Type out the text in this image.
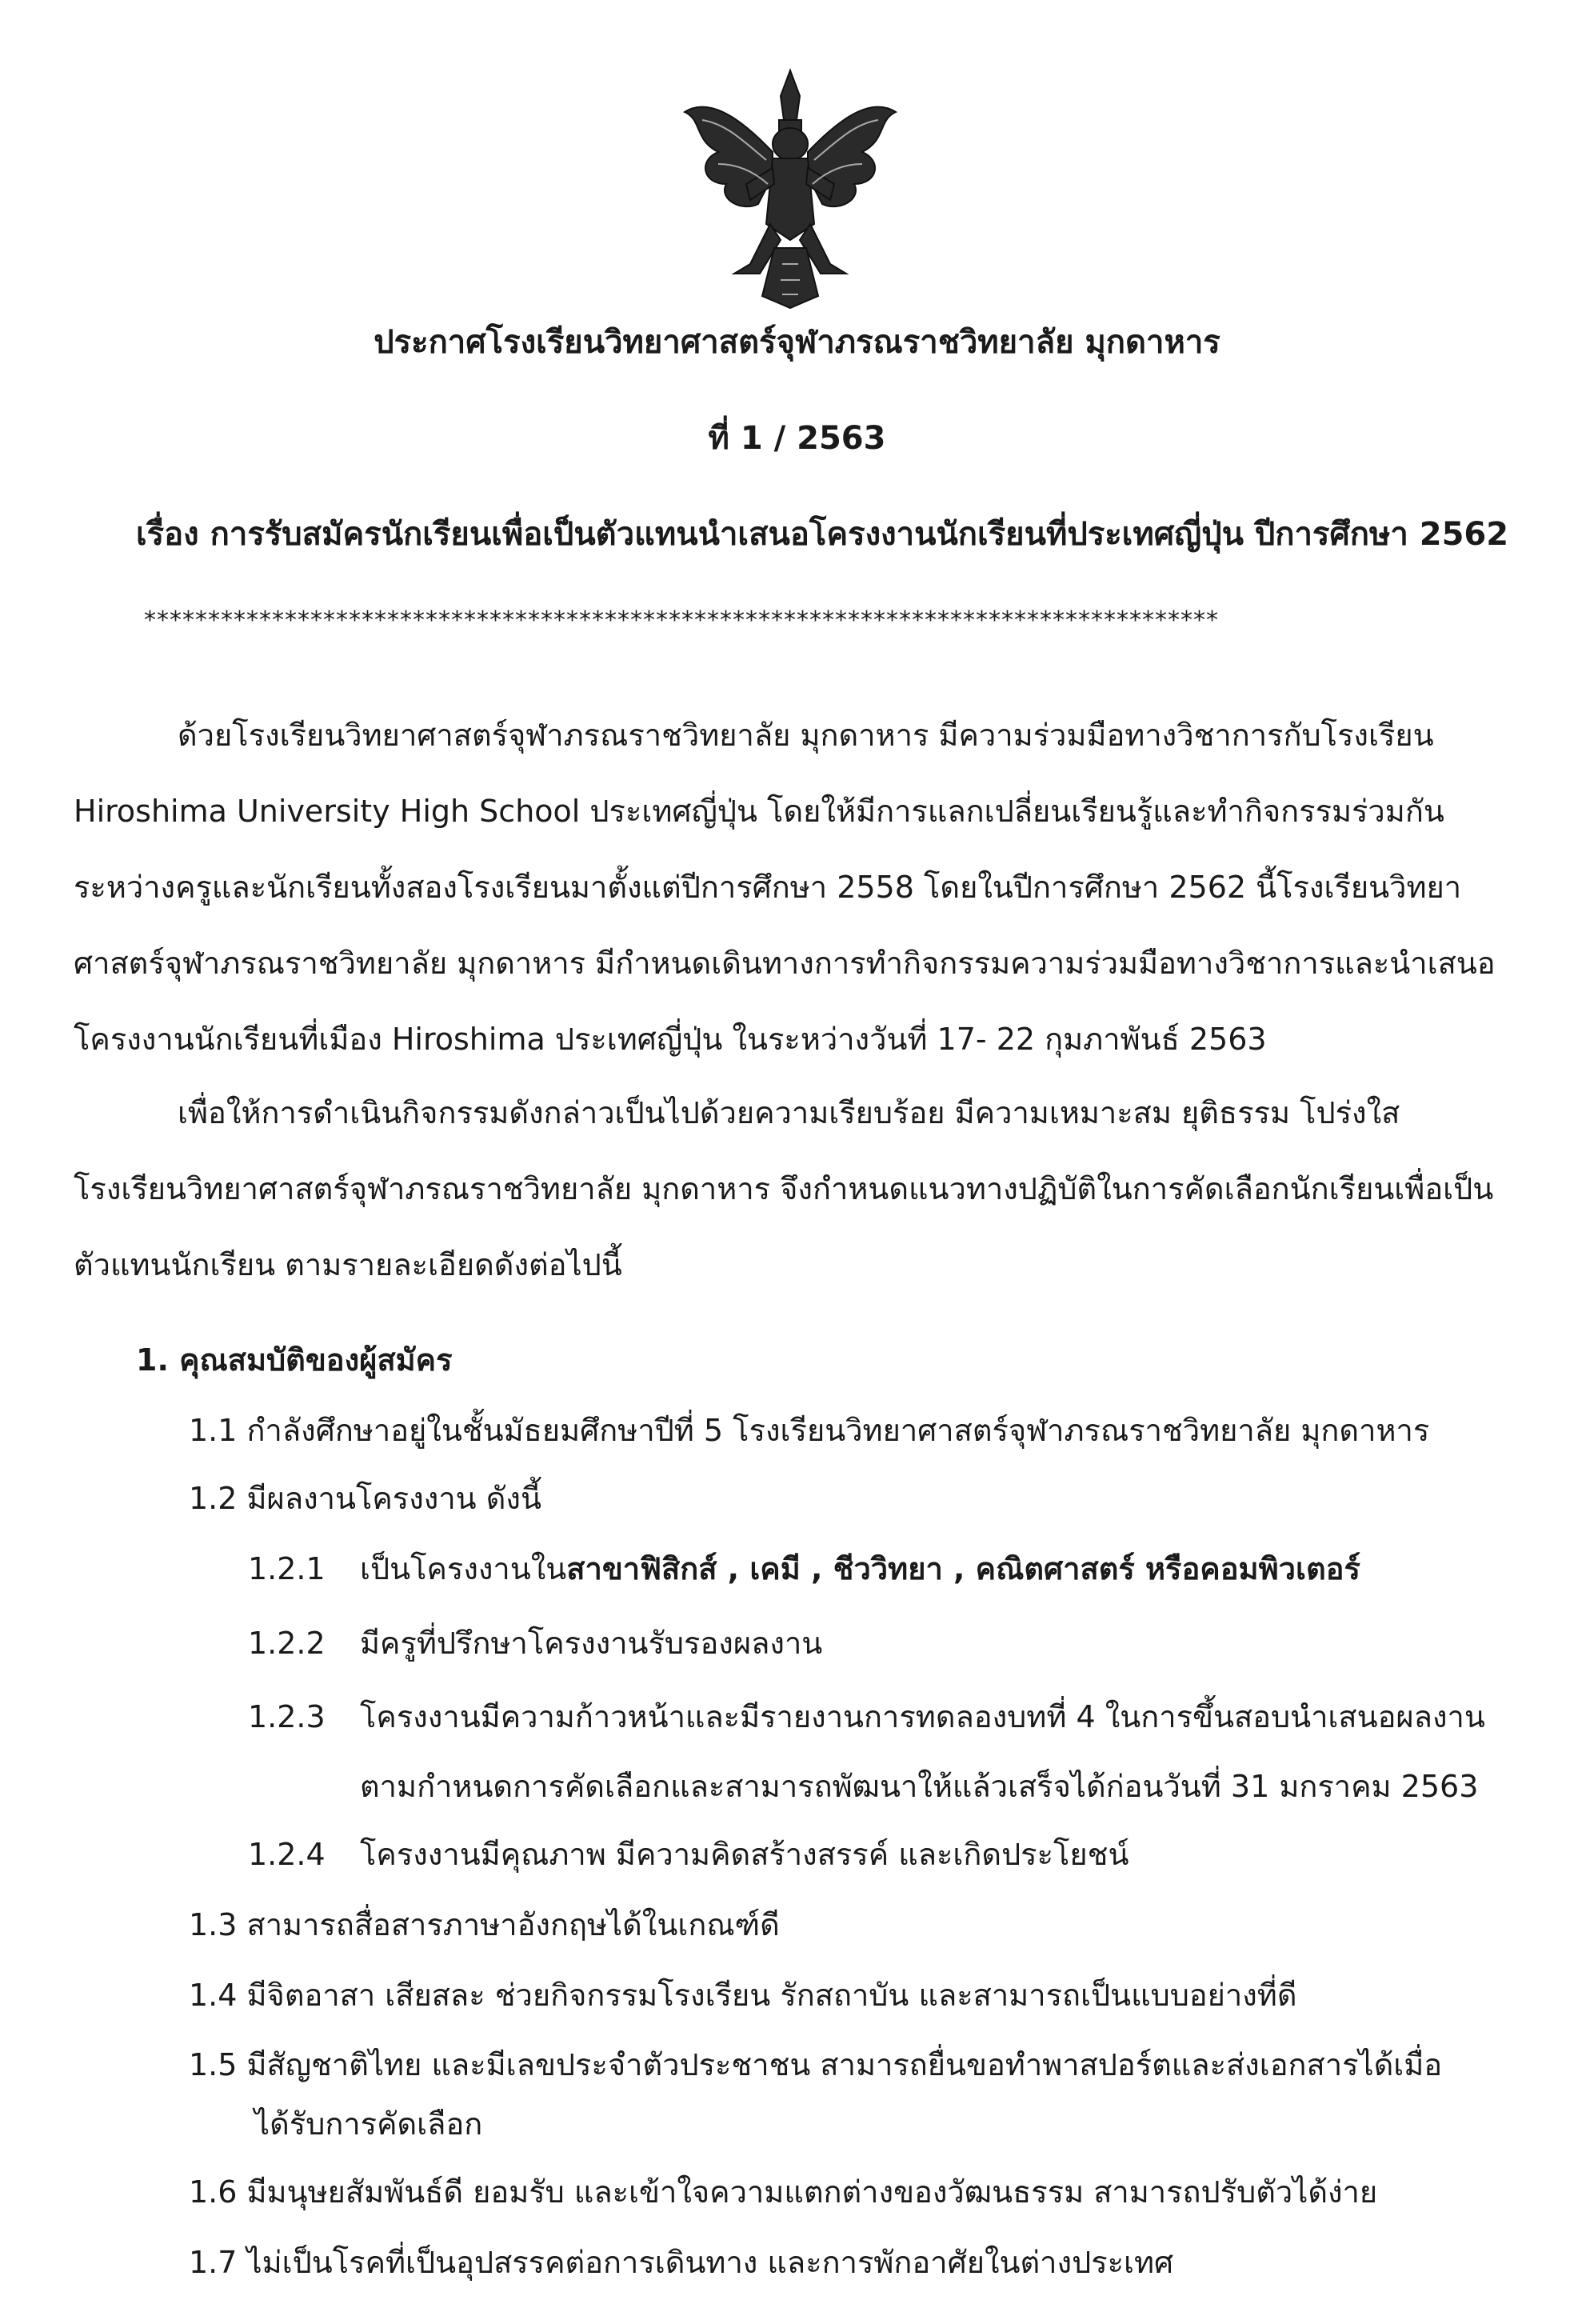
ประกาศโรงเรียนวิทยาศาสตร์จุฬาภรณราชวิทยาลัย มุกดาหาร
ที่ 1 / 2563
เรื่อง การรับสมัครนักเรียนเพื่อเป็นตัวแทนนำเสนอโครงงานนักเรียนที่ประเทศญี่ปุ่น ปีการศึกษา 2562
************************************************************************************
ด้วยโรงเรียนวิทยาศาสตร์จุฬาภรณราชวิทยาลัย มุกดาหาร มีความร่วมมือทางวิชาการกับโรงเรียน Hiroshima University High School ประเทศญี่ปุ่น โดยให้มีการแลกเปลี่ยนเรียนรู้และทำกิจกรรมร่วมกันระหว่างครูและนักเรียนทั้งสองโรงเรียนมาตั้งแต่ปีการศึกษา 2558 โดยในปีการศึกษา 2562 นี้โรงเรียนวิทยาศาสตร์จุฬาภรณราชวิทยาลัย มุกดาหาร มีกำหนดเดินทางการทำกิจกรรมความร่วมมือทางวิชาการและนำเสนอโครงงานนักเรียนที่เมือง Hiroshima ประเทศญี่ปุ่น ในระหว่างวันที่ 17- 22 กุมภาพันธ์ 2563
เพื่อให้การดำเนินกิจกรรมดังกล่าวเป็นไปด้วยความเรียบร้อย มีความเหมาะสม ยุติธรรม โปร่งใส โรงเรียนวิทยาศาสตร์จุฬาภรณราชวิทยาลัย มุกดาหาร จึงกำหนดแนวทางปฏิบัติในการคัดเลือกนักเรียนเพื่อเป็นตัวแทนนักเรียน ตามรายละเอียดดังต่อไปนี้
1. คุณสมบัติของผู้สมัคร
1.1 กำลังศึกษาอยู่ในชั้นมัธยมศึกษาปีที่ 5 โรงเรียนวิทยาศาสตร์จุฬาภรณราชวิทยาลัย มุกดาหาร
1.2 มีผลงานโครงงาน ดังนี้
1.2.1 เป็นโครงงานในสาขาฟิสิกส์ , เคมี , ชีววิทยา , คณิตศาสตร์ หรือคอมพิวเตอร์
1.2.2 มีครูที่ปรึกษาโครงงานรับรองผลงาน
1.2.3 โครงงานมีความก้าวหน้าและมีรายงานการทดลองบทที่ 4 ในการขึ้นสอบนำเสนอผลงาน
ตามกำหนดการคัดเลือกและสามารถพัฒนาให้แล้วเสร็จได้ก่อนวันที่ 31 มกราคม 2563
1.2.4 โครงงานมีคุณภาพ มีความคิดสร้างสรรค์ และเกิดประโยชน์
1.3 สามารถสื่อสารภาษาอังกฤษได้ในเกณฑ์ดี
1.4 มีจิตอาสา เสียสละ ช่วยกิจกรรมโรงเรียน รักสถาบัน และสามารถเป็นแบบอย่างที่ดี
1.5 มีสัญชาติไทย และมีเลขประจำตัวประชาชน สามารถยื่นขอทำพาสปอร์ตและส่งเอกสารได้เมื่อ
ได้รับการคัดเลือก
1.6 มีมนุษยสัมพันธ์ดี ยอมรับ และเข้าใจความแตกต่างของวัฒนธรรม สามารถปรับตัวได้ง่าย
1.7 ไม่เป็นโรคที่เป็นอุปสรรคต่อการเดินทาง และการพักอาศัยในต่างประเทศ
